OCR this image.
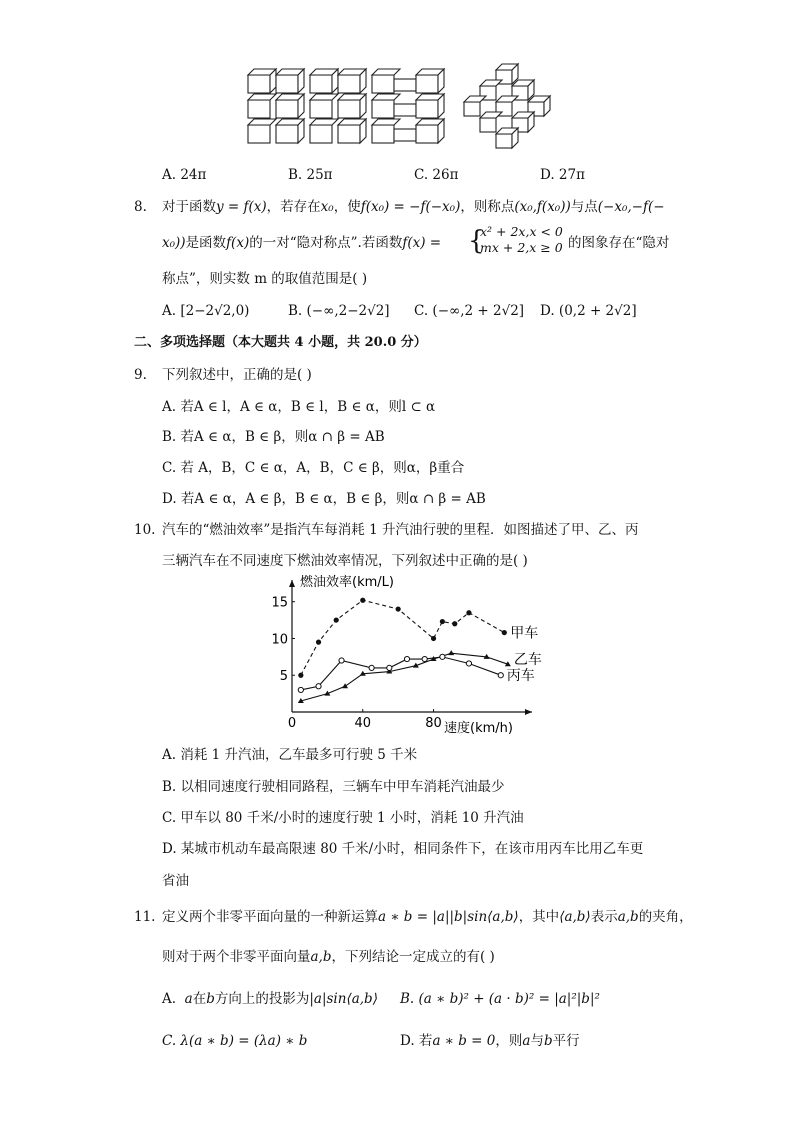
A. 24π	B. 25π	C. 26π	D. 27π
8. 对于函数y = f(x)，若存在x₀，使f(x₀) = −f(−x₀)，则称点(x₀,f(x₀))与点(−x₀,−f(−
x₀))是函数f(x)的一对“隐对称点”.若函数f(x) = {
x² + 2x,x < 0
mx + 2,x ≥ 0 的图象存在“隐对
称点”，则实数 m 的取值范围是( )
A. [2−2√2,0)	B. (−∞,2−2√2] C. (−∞,2 + 2√2] D. (0,2 + 2√2]
二、多项选择题（本大题共 4 小题，共 20.0 分）
9. 下列叙述中，正确的是( )
A. 若A ∈ l，A ∈ α，B ∈ l，B ∈ α，则l ⊂ α
B. 若A ∈ α，B ∈ β，则α ∩ β = AB
C. 若 A，B，C ∈ α，A，B，C ∈ β，则α，β重合
D. 若A ∈ α，A ∈ β，B ∈ α，B ∈ β，则α ∩ β = AB
10. 汽车的“燃油效率”是指汽车每消耗 1 升汽油行驶的里程．如图描述了甲、乙、丙
三辆汽车在不同速度下燃油效率情况，下列叙述中正确的是( )
0	40	80
5
10
15
甲车
乙车
丙车
燃油效率(km/L)
速度(km/h)
A. 消耗 1 升汽油，乙车最多可行驶 5 千米
B. 以相同速度行驶相同路程，三辆车中甲车消耗汽油最少
C. 甲车以 80 千米/小时的速度行驶 1 小时，消耗 10 升汽油
D. 某城市机动车最高限速 80 千米/小时，相同条件下，在该市用丙车比用乙车更
省油
11. 定义两个非零平面向量的一种新运算a ∗ b = |a||b|sin⟨a,b⟩，其中⟨a,b⟩表示a,b的夹角，
则对于两个非零平面向量a,b，下列结论一定成立的有( )
A. a在b方向上的投影为|a|sin⟨a,b⟩ B. (a ∗ b)² + (a · b)² = |a|²|b|²
C. λ(a ∗ b) = (λa) ∗ b	D. 若a ∗ b = 0，则a与b平行
